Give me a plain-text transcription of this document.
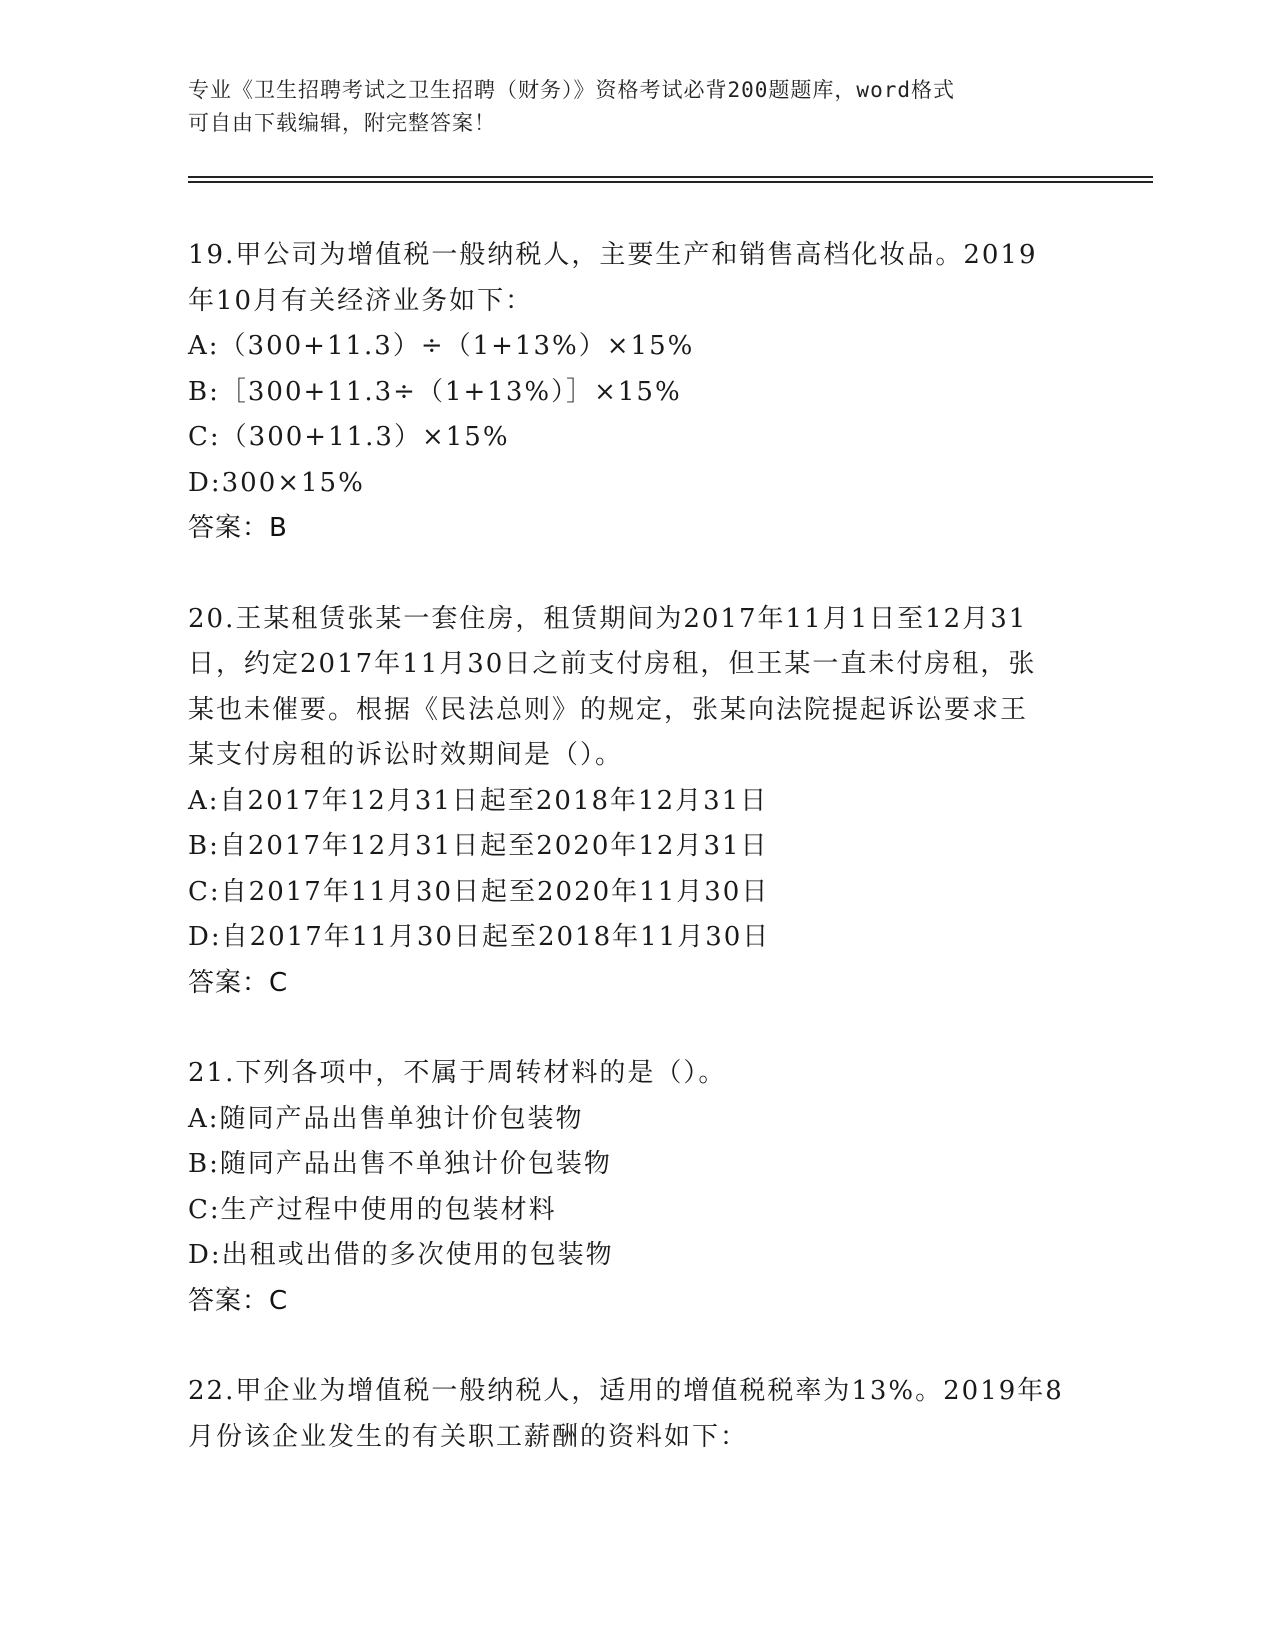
专业《卫生招聘考试之卫生招聘（财务）》资格考试必背200题题库，word格式
可自由下载编辑，附完整答案！
19.甲公司为增值税一般纳税人，主要生产和销售高档化妆品。2019
年10月有关经济业务如下：
A:（300+11.3）÷（1+13%）×15%
B:［300+11.3÷（1+13%）］×15%
C:（300+11.3）×15%
D:300×15%
答案：B
20.王某租赁张某一套住房，租赁期间为2017年11月1日至12月31
日，约定2017年11月30日之前支付房租，但王某一直未付房租，张
某也未催要。根据《民法总则》的规定，张某向法院提起诉讼要求王
某支付房租的诉讼时效期间是（）。
A:自2017年12月31日起至2018年12月31日
B:自2017年12月31日起至2020年12月31日
C:自2017年11月30日起至2020年11月30日
D:自2017年11月30日起至2018年11月30日
答案：C
21.下列各项中，不属于周转材料的是（）。
A:随同产品出售单独计价包装物
B:随同产品出售不单独计价包装物
C:生产过程中使用的包装材料
D:出租或出借的多次使用的包装物
答案：C
22.甲企业为增值税一般纳税人，适用的增值税税率为13%。2019年8
月份该企业发生的有关职工薪酬的资料如下：
